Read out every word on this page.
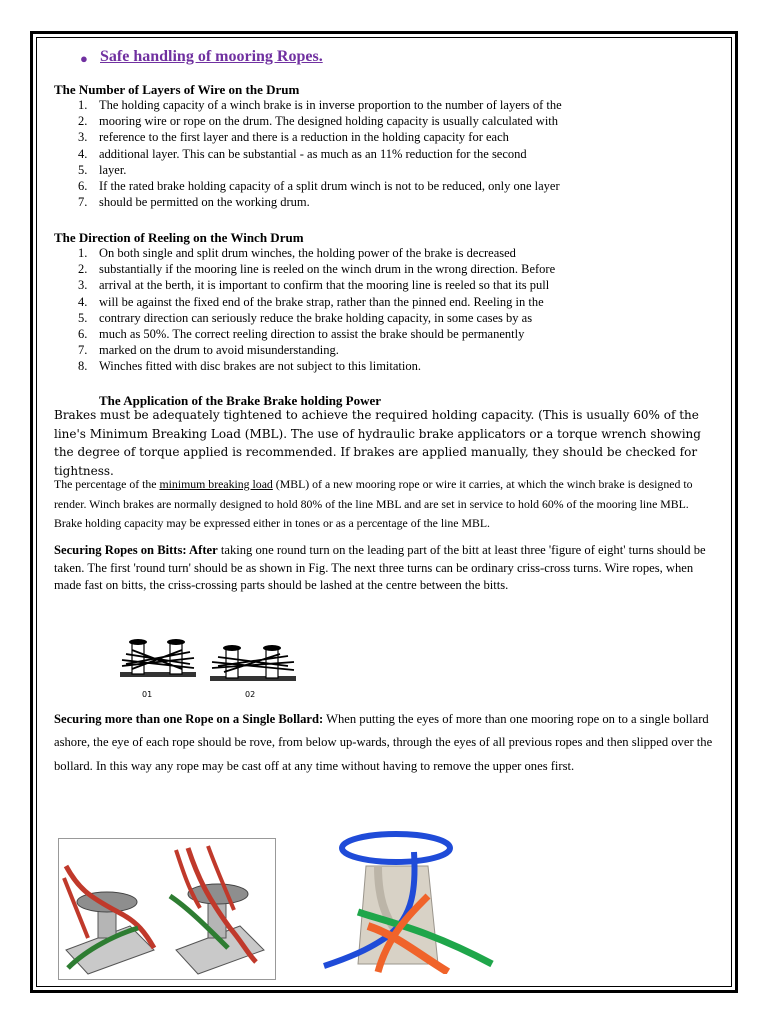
● Safe handling of mooring Ropes.
The Number of Layers of Wire on the Drum
1. The holding capacity of a winch brake is in inverse proportion to the number of layers of the
2. mooring wire or rope on the drum. The designed holding capacity is usually calculated with
3. reference to the first layer and there is a reduction in the holding capacity for each
4. additional layer. This can be substantial - as much as an 11% reduction for the second
5. layer.
6. If the rated brake holding capacity of a split drum winch is not to be reduced, only one layer
7. should be permitted on the working drum.
The Direction of Reeling on the Winch Drum
1. On both single and split drum winches, the holding power of the brake is decreased
2. substantially if the mooring line is reeled on the winch drum in the wrong direction. Before
3. arrival at the berth, it is important to confirm that the mooring line is reeled so that its pull
4. will be against the fixed end of the brake strap, rather than the pinned end. Reeling in the
5. contrary direction can seriously reduce the brake holding capacity, in some cases by as
6. much as 50%. The correct reeling direction to assist the brake should be permanently
7. marked on the drum to avoid misunderstanding.
8. Winches fitted with disc brakes are not subject to this limitation.
The Application of the Brake Brake holding Power
Brakes must be adequately tightened to achieve the required holding capacity. (This is usually 60% of the line's Minimum Breaking Load (MBL). The use of hydraulic brake applicators or a torque wrench showing the degree of torque applied is recommended. If brakes are applied manually, they should be checked for tightness.
The percentage of the minimum breaking load (MBL) of a new mooring rope or wire it carries, at which the winch brake is designed to render. Winch brakes are normally designed to hold 80% of the line MBL and are set in service to hold 60% of the mooring line MBL. Brake holding capacity may be expressed either in tones or as a percentage of the line MBL.
Securing Ropes on Bitts: After taking one round turn on the leading part of the bitt at least three 'figure of eight' turns should be taken. The first 'round turn' should be as shown in Fig. The next three turns can be ordinary criss-cross turns. Wire ropes, when made fast on bitts, the criss-crossing parts should be lashed at the centre between the bitts.
01	02
Securing more than one Rope on a Single Bollard: When putting the eyes of more than one mooring rope on to a single bollard ashore, the eye of each rope should be rove, from below up-wards, through the eyes of all previous ropes and then slipped over the bollard. In this way any rope may be cast off at any time without having to remove the upper ones first.
